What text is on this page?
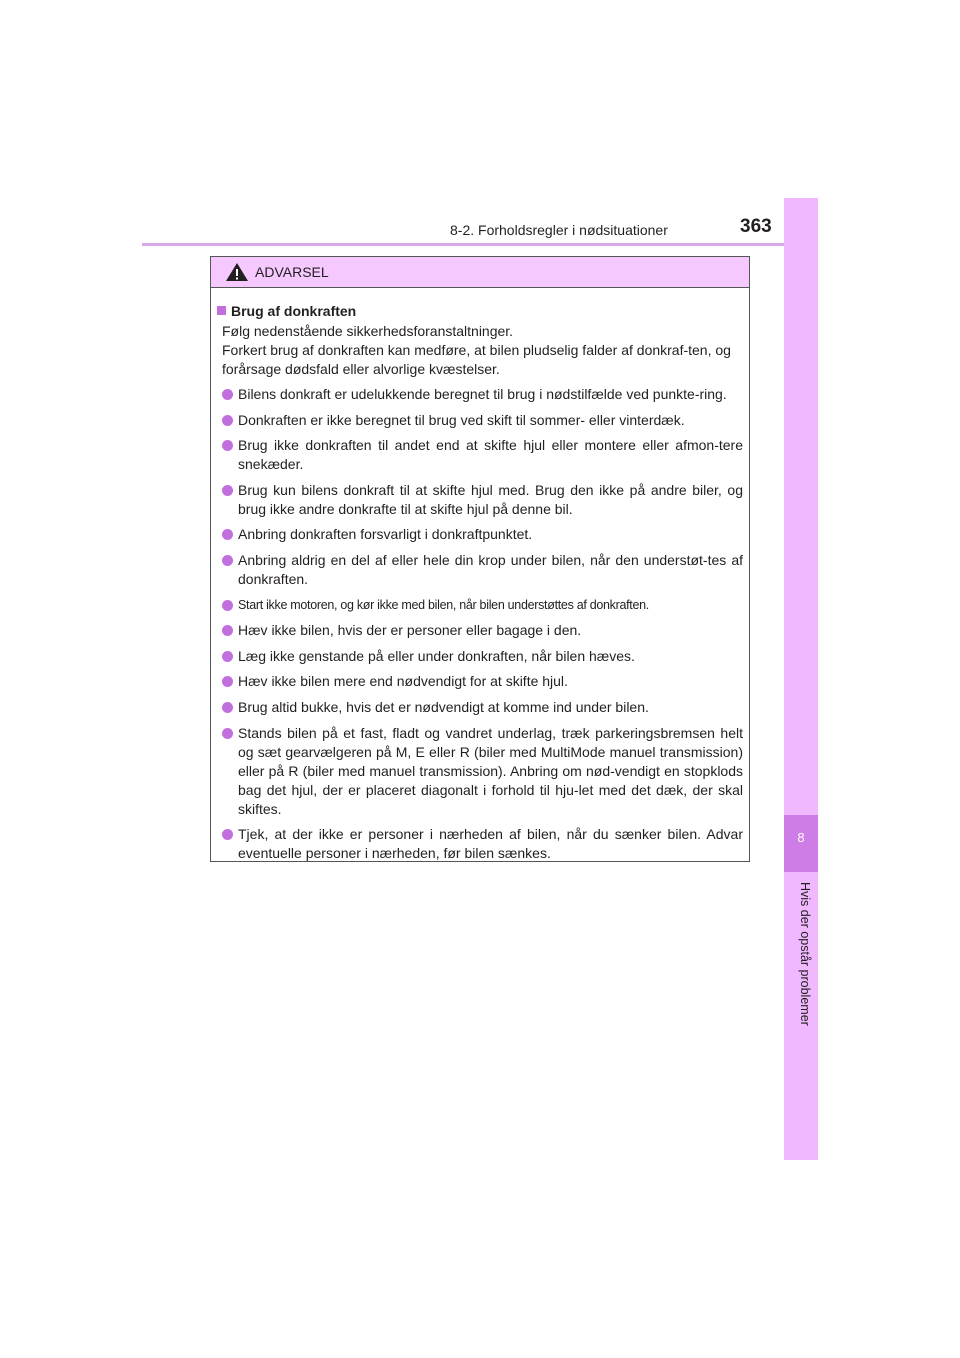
8-2. Forholdsregler i nødsituationer	363
8
Hvis der opstår problemer
ADVARSEL
Brug af donkraften

Følg nedenstående sikkerhedsforanstaltninger.

Forkert brug af donkraften kan medføre, at bilen pludselig falder af donkraf-ten, og forårsage dødsfald eller alvorlige kvæstelser.

Bilens donkraft er udelukkende beregnet til brug i nødstilfælde ved punkte-ring.
Donkraften er ikke beregnet til brug ved skift til sommer- eller vinterdæk.
Brug ikke donkraften til andet end at skifte hjul eller montere eller afmon-tere snekæder.
Brug kun bilens donkraft til at skifte hjul med. Brug den ikke på andre biler, og brug ikke andre donkrafte til at skifte hjul på denne bil.
Anbring donkraften forsvarligt i donkraftpunktet.
Anbring aldrig en del af eller hele din krop under bilen, når den understøt-tes af donkraften.
Start ikke motoren, og kør ikke med bilen, når bilen understøttes af donkraften.
Hæv ikke bilen, hvis der er personer eller bagage i den.
Læg ikke genstande på eller under donkraften, når bilen hæves.
Hæv ikke bilen mere end nødvendigt for at skifte hjul.
Brug altid bukke, hvis det er nødvendigt at komme ind under bilen.
Stands bilen på et fast, fladt og vandret underlag, træk parkeringsbremsen helt og sæt gearvælgeren på M, E eller R (biler med MultiMode manuel transmission) eller på R (biler med manuel transmission). Anbring om nød-vendigt en stopklods bag det hjul, der er placeret diagonalt i forhold til hju-let med det dæk, der skal skiftes.
Tjek, at der ikke er personer i nærheden af bilen, når du sænker bilen. Advar eventuelle personer i nærheden, før bilen sænkes.
